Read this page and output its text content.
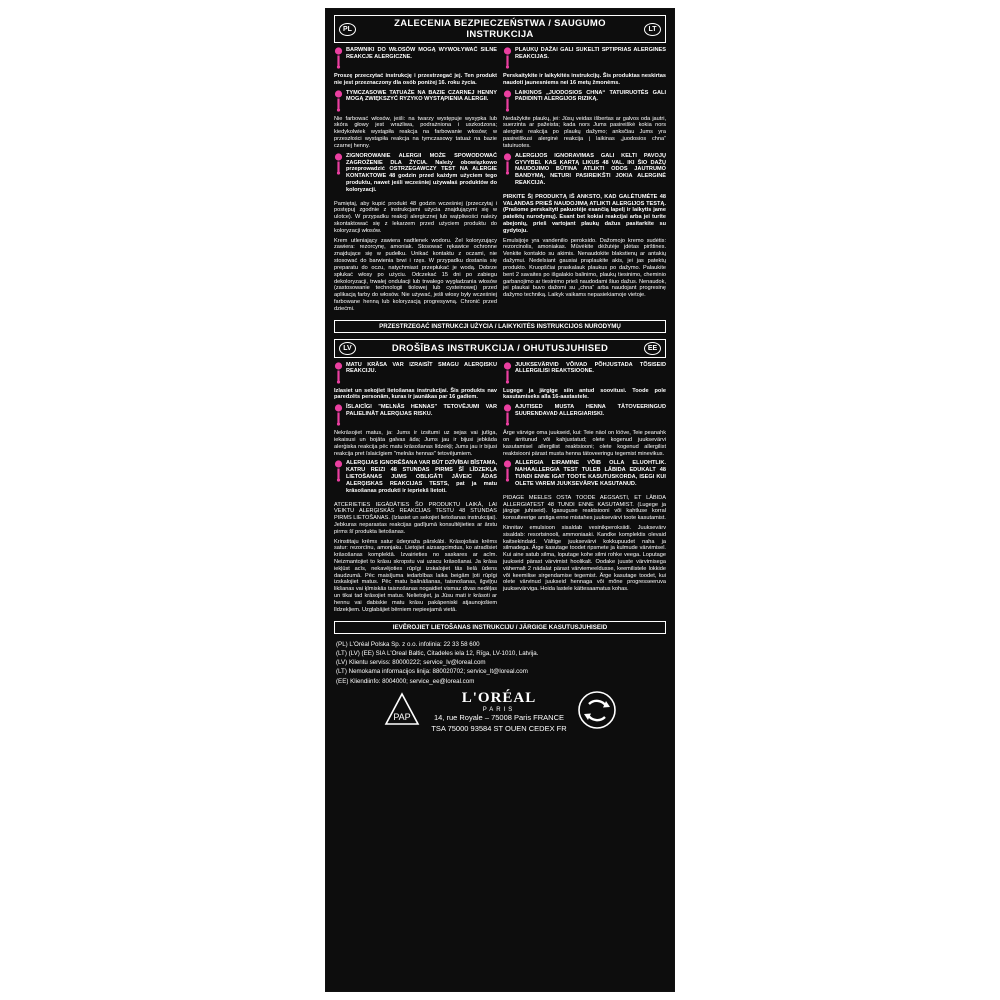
PL	ZALECENIA BEZPIECZEŃSTWA / SAUGUMO INSTRUKCIJA	LT

BARWNIKI DO WŁOSÓW MOGĄ WYWOŁYWAĆ SILNE REAKCJE ALERGICZNE.

Proszę przeczytać instrukcję i przestrzegać jej. Ten produkt nie jest przeznaczony dla osób poniżej 16. roku życia.

TYMCZASOWE TATUAŻE NA BAZIE CZARNEJ HENNY MOGĄ ZWIĘKSZYĆ RYZYKO WYSTĄPIENIA ALERGII.

Nie farbować włosów, jeśli: na twarzy występuje wysypka lub skóra głowy jest wrażliwa, podrażniona i uszkodzona; kiedykolwiek wystąpiła reakcja na farbowanie włosów; w przeszłości wystąpiła reakcja na tymczasowy tatuaż na bazie czarnej henny.

ZIGNOROWANIE ALERGII MOŻE SPOWODOWAĆ ZAGROŻENIE DLA ŻYCIA. Należy obowiązkowo przeprowadzić OSTRZEGAWCZY TEST NA ALERGIE KONTAKTOWE 48 godzin przed każdym użyciem tego produktu, nawet jeśli wcześniej używałaś produktów do koloryzacji.

Pamiętaj, aby kupić produkt 48 godzin wcześniej (przeczytaj i postępuj zgodnie z instrukcjami użycia znajdującymi się w ulotce). W przypadku reakcji alergicznej lub wątpliwości należy skontaktować się z lekarzem przed użyciem produktu do koloryzacji włosów.

Krem utleniający zawiera nadtlenek wodoru. Żel koloryzujący zawiera: rezorcynę, amoniak. Stosować rękawice ochronne znajdujące się w pudełku. Unikać kontaktu z oczami, nie stosować do barwienia brwi i rzęs. W przypadku dostania się preparatu do oczu, natychmiast przepłukać je wodą. Dobrze spłukać włosy po użyciu. Odczekać 15 dni po zabiegu dekoloryzacji, trwałej ondulacji lub trwałego wygładzania włosów (zastosowanie technologii tiolowej lub cysteinowej) przed aplikacją farby do włosów. Nie używać, jeśli włosy były wcześniej farbowane henną lub koloryzacją progresywną. Chronić przed dziećmi.

PLAUKŲ DAŽAI GALI SUKELTI SPTIPRIAS ALERGINES REAKCIJAS.

Perskaitykite ir laikykitės instrukcijų. Šis produktas neskirtas naudoti jaunesniems nei 16 metų žmonėms.

LAIKINOS „JUODOSIOS CHNA“ TATUIRUOTĖS GALI PADIDINTI ALERGIJOS RIZIKĄ.

Nedažykite plaukų, jei: Jūsų veidas išbertas ar galvos oda jautri, suerzinta ar pažeista; kada nors Jums pasireiškė kokia nors alerginė reakcija po plaukų dažymo; anksčiau Jums yra pasireiškusi alerginė reakcija į laikinas „juodosios chna“ tatuiruotes.

ALERGIJOS IGNORAVIMAS GALI KELTI PAVOJŲ GYVYBEI. KAS KARTĄ LIKUS 48 VAL. IKI ŠIO DAŽŲ NAUDOJIMO BŪTINA ATLIKTI ODOS JAUTRUMO BANDYMĄ, NETURI PASIREIKŠTI JOKIA ALERGINĖ REAKCIJA.

PIRKITE ŠĮ PRODUKTĄ IŠ ANKSTO, KAD GALĖTUMĖTE 48 VALANDAS PRIEŠ NAUDOJIMĄ ATLIKTI ALERGIJOS TESTĄ. (Prašome perskaityti pakuotėje esančią lapelį ir laikytis jame pateiktų nurodymų). Esant bet kokiai reakcijai arba jei turite abejonių, prieš vartojant plaukų dažus pasitarkite su gydytoju.

Emulsijoje yra vandenilio peroksido. Dažomojo kremo sudėtis: rezorcinolis, amoniakas. Mūvėkite dėžutėje įdėtas pirštines. Venkite kontakto su akimis. Nenaudokite blakstienų ar antakių dažymui. Nedelsiant gausiai praplaukite akis, jei jas patektų produkto. Kruopščiai praskalauk plaukus po dažymo. Palaukite bent 2 savaites po išgalakio balinimo, plaukų tiesinimo, cheminio garbanojimo ar tiesinimo prieš naudodami šiuo dažus. Nenaudok, jei plaukai buvo dažomi su „chna“ arba naudojant progresinę dažymo techniką. Laikyk vaikams nepasiekiamoje vietoje.

PRZESTRZEGAĆ INSTRUKCJI UŻYCIA / LAIKYKITĖS INSTRUKCIJOS NURODYMŲ
LV	DROŠĪBAS INSTRUKCIJA / OHUTUSJUHISED	EE

MATU KRĀSA VAR IZRAISĪT SMAGU ALERĢISKU REAKCIJU.

Izlasiet un sekojiet lietošanas instrukcijai. Šis produkts nav paredzēts personām, kuras ir jaunākas par 16 gadiem.

ĪSLAICĪGI "MELNĀS HENNAS" TETOVĒJUMI VAR PALIELINĀT ALERĢIJAS RISKU.

Nekrāsojiet matus, ja: Jums ir izsitumi uz sejas vai jutīga, iekaisusi un bojāta galvas āda; Jums jau ir bijusi jebkāda alerģiska reakcija pēc matu krāsošanas līdzekļi; Jums jau ir bijusi reakcija pret īslaicīgiem "melnās hennas" tetovējumiem.

ALERĢIJAS IGNORĒŠANA VAR BŪT DZĪVĪBAI BĪSTAMA, KATRU REIZI 48 STUNDAS PIRMS ŠĪ LĪDZEKĻA LIETOŠANAS JUMS OBLIGĀTI JĀVEIC ĀDAS ALERĢISKAS REAKCIJAS TESTS, pat ja matu krāsošanas produkti ir iepriekš lietoti.

ATCERIETIES IEGĀDĀTIES ŠO PRODUKTU LAIKĀ, LAI VEIKTU ALERĢISKĀS REAKCIJAS TESTU 48 STUNDAS PIRMS LIETOŠANAS. (Izlasiet un sekojiet lietošanas instrukcijai). Jebkuras neparastas reakcijas gadījumā konsultējieties ar ārstu pirms šī produkta lietošanas.

Krinstitaju krēms satur ūdeņraža pārskābi. Krāsojošais krēms satur: rezorcīnu, amonjaku. Lietojiet aizsargcimdus, ko atradīsiet krāsošanas komplektā. Izvairieties no saskares ar acīm. Neizmantojiet to krāsu skropstu vai uzacu krāsošanai. Ja krāsa iekļūst acīs, nekavējoties rūpīgi izskalojiet tās lielā ūdens daudzumā. Pēc maisījuma iedarbības laika beigām ļoti rūpīgi izskalojiet matus. Pēc matu balināšanas, taisnošanas, ilgviļņu likšanas vai ķīmiskās taisnošanas nogaidiet vismaz divas nedēļas un tikai tad krāsojiet matus. Nelietojiet, ja Jūsu mati ir krāsoti ar hennu vai dabiskie matu krāsu pakāpeniski atjaunojošiem līdzekļiem. Uzglabājiet bērniem nepieejamā vietā.

JUUKSEVÄRVID VÕIVAD PÕHJUSTADA TÕSISEID ALLERGILISI REAKTSIOONE.

Lugege ja järgige siin antud soovitusi. Toode pole kasutamiseks alla 16-aastastele.

AJUTISED MUSTA HENNA TÄTOVEERINGUD SUURENDAVAD ALLERGIARISKI.

Ärge värvige oma juukseid, kui: Teie näol on lööve, Teie peanahk on ärritunud või kahjustatud; olete kogenud juuksevärvi kasutamisel allergilist reaktsiooni; olete kogenud allergilist reaktsiooni pärast musta henna tätoveeringu tegemist minevikus.

ALLERGIA EIRAMINE VÕIB OLLA ELUOHTLIK. NAHAALLERGIA TEST TULEB LÄBIDA EDUKALT 48 TUNDI ENNE IGAT TOOTE KASUTUSKORDA, ISEGI KUI OLETE VAREM JUUKSEVÄRVE KASUTANUD.

PIDAGE MEELES OSTA TOODE AEGSASTI, ET LÄBIDA ALLERGIATEST 48 TUNDI ENNE KASUTAMIST. (Lugege ja järgige juhiseid). Igasuguse reaktsiooni või kahtluse korral konsulteerige arstiga enne mistahes juuksevärvi toote kasutamist.

Kinnitav emulsioon sisaldab vesinikperoksiidi. Juuksevärv sisaldab: resortsinooli, ammoniaaki. Kandke komplektis olevaid kaitsekindaid. Vältige juuksevärvi kokkupuudet naha ja silmadega. Ärge kasutage toodet ripsmete ja kulmude värvimisel. Kui aine satub silma, loputage kohe silmi rohke veega. Loputage juukseid pärast värvimist hoolikalt. Oodake juuste värvimisega vähemalt 2 nädalat pärast värviemeeldusse, keemilistele lokkide või keemilise sirgendamise tegemist. Ärge kasutage toodet, kui olete värvinud juukseid hennaga või mõne progresseeruva juuksevärviga. Hoida lastele kättesaamatus kohas.

IEVĒROJIET LIETOŠANAS INSTRUKCIJU / JÄRGIGE KASUTUSJUHISEID
(PL) L'Oréal Polska Sp. z o.o. infolinia: 22 33 58 600
(LT) (LV) (EE) SIA L'Oreal Baltic, Citadeles iela 12, Rīga, LV-1010, Latvija.
(LV) Klientu serviss: 80000222; service_lv@loreal.com
(LT) Nemokama informacijos linija: 880020702; service_lt@loreal.com
(EE) Kliendiinfo: 8004000; service_ee@loreal.com
PAP
L'ORÉAL
PARIS
14, rue Royale – 75008 Paris FRANCE
TSA 75000 93584 ST OUEN CEDEX FR
